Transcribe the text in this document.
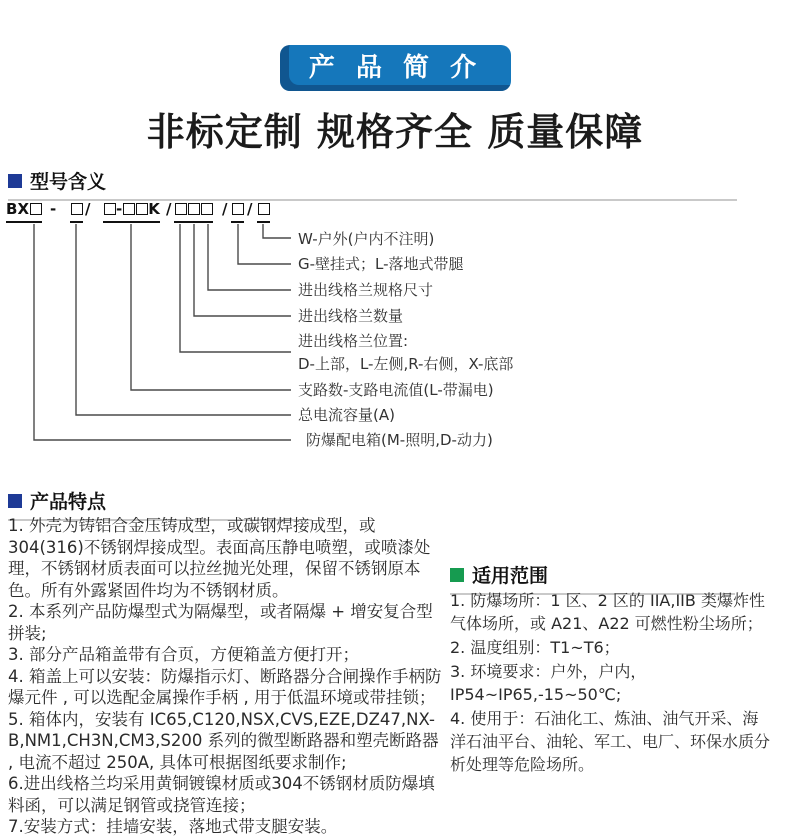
产 品 简 介
非标定制 规格齐全 质量保障
型号含义
BX	- /	- K /	/ /
W-户外(户内不注明)
G-壁挂式；L-落地式带腿
进出线格兰规格尺寸
进出线格兰数量
进出线格兰位置:
D-上部，L-左侧,R-右侧，X-底部
支路数-支路电流值(L-带漏电)
总电流容量(A)
防爆配电箱(M-照明,D-动力)
产品特点

1. 外壳为铸铝合金压铸成型，或碳钢焊接成型，或 304(316)不锈钢焊接成型。表面高压静电喷塑，或喷漆处理，不锈钢材质表面可以拉丝抛光处理，保留不锈钢原本色。所有外露紧固件均为不锈钢材质。

2. 本系列产品防爆型式为隔爆型，或者隔爆 + 增安复合型拼装;

3. 部分产品箱盖带有合页，方便箱盖方便打开；

4. 箱盖上可以安装：防爆指示灯、断路器分合闸操作手柄防爆元件 , 可以选配金属操作手柄 , 用于低温环境或带挂锁；

5. 箱体内，安装有 IC65,C120,NSX,CVS,EZE,DZ47,NX-B,NM1,CH3N,CM3,S200 系列的微型断路器和塑壳断路器 , 电流不超过 250A, 具体可根据图纸要求制作;

6.进出线格兰均采用黄铜镀镍材质或304不锈钢材质防爆填料函，可以满足钢管或挠管连接；

7.安装方式：挂墙安装，落地式带支腿安装。

适用范围

1. 防爆场所：1 区、2 区的 IIA,IIB 类爆炸性气体场所，或 A21、A22 可燃性粉尘场所；

2. 温度组别：T1~T6；

3. 环境要求：户外，户内，IP54~IP65,-15~50℃;

4. 使用于：石油化工、炼油、油气开采、海洋石油平台、油轮、军工、电厂、环保水质分析处理等危险场所。
